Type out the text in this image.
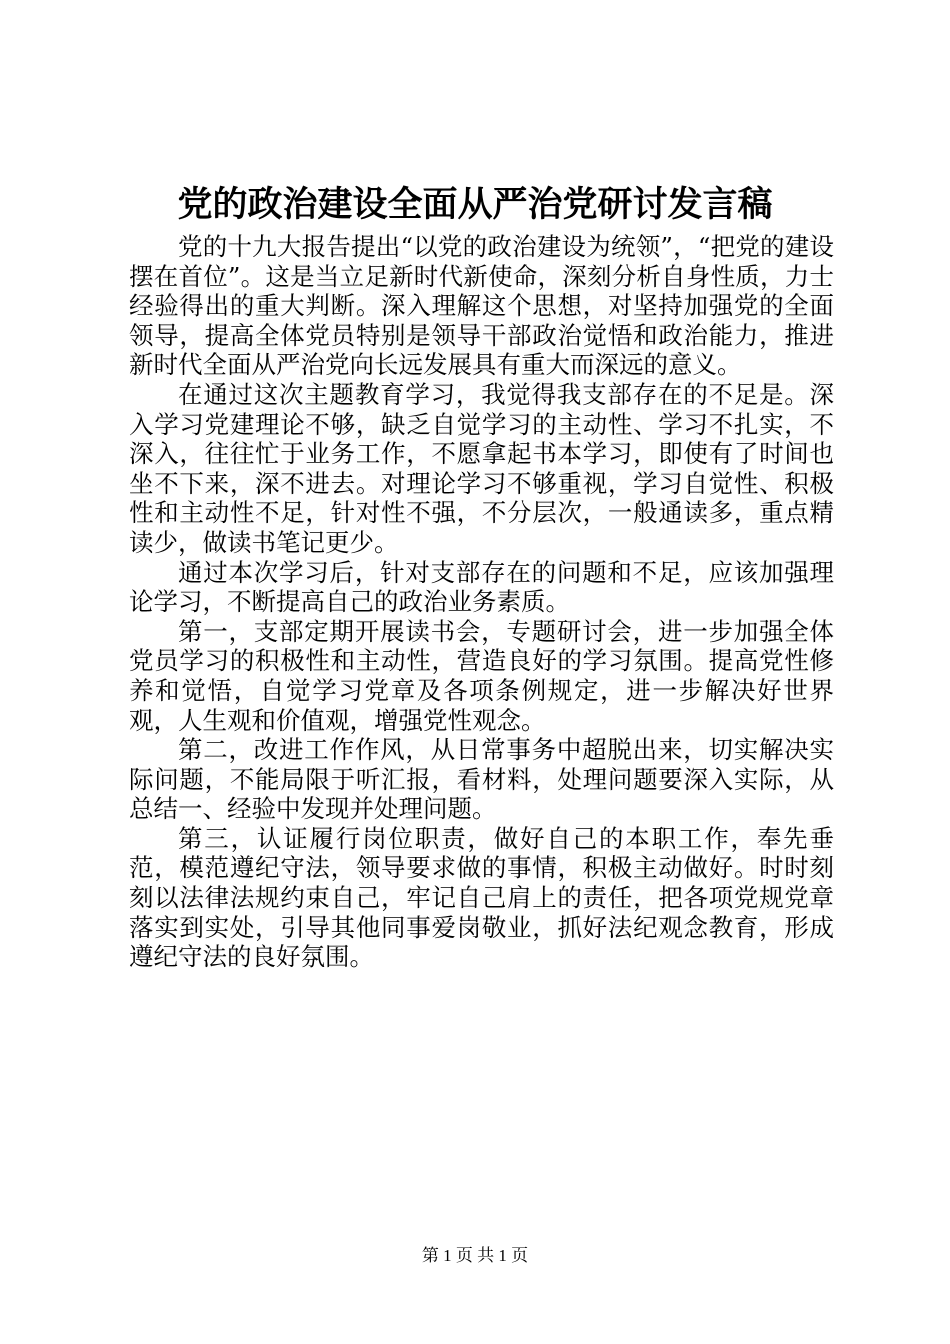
党的政治建设全面从严治党研讨发言稿

党的十九大报告提出“以党的政治建设为统领”，“把党的建设摆在首位”。这是当立足新时代新使命，深刻分析自身性质，力士经验得出的重大判断。深入理解这个思想，对坚持加强党的全面领导，提高全体党员特别是领导干部政治觉悟和政治能力，推进新时代全面从严治党向长远发展具有重大而深远的意义。

在通过这次主题教育学习，我觉得我支部存在的不足是。深入学习党建理论不够，缺乏自觉学习的主动性、学习不扎实，不深入，往往忙于业务工作，不愿拿起书本学习，即使有了时间也坐不下来，深不进去。对理论学习不够重视，学习自觉性、积极性和主动性不足，针对性不强，不分层次，一般通读多，重点精读少，做读书笔记更少。

通过本次学习后，针对支部存在的问题和不足，应该加强理论学习，不断提高自己的政治业务素质。

第一，支部定期开展读书会，专题研讨会，进一步加强全体党员学习的积极性和主动性，营造良好的学习氛围。提高党性修养和觉悟，自觉学习党章及各项条例规定，进一步解决好世界观，人生观和价值观，增强党性观念。

第二，改进工作作风，从日常事务中超脱出来，切实解决实际问题，不能局限于听汇报，看材料，处理问题要深入实际，从总结一、经验中发现并处理问题。

第三，认证履行岗位职责，做好自己的本职工作，奉先垂范，模范遵纪守法，领导要求做的事情，积极主动做好。时时刻刻以法律法规约束自己，牢记自己肩上的责任，把各项党规党章落实到实处，引导其他同事爱岗敬业，抓好法纪观念教育，形成遵纪守法的良好氛围。

第 1 页 共 1 页
